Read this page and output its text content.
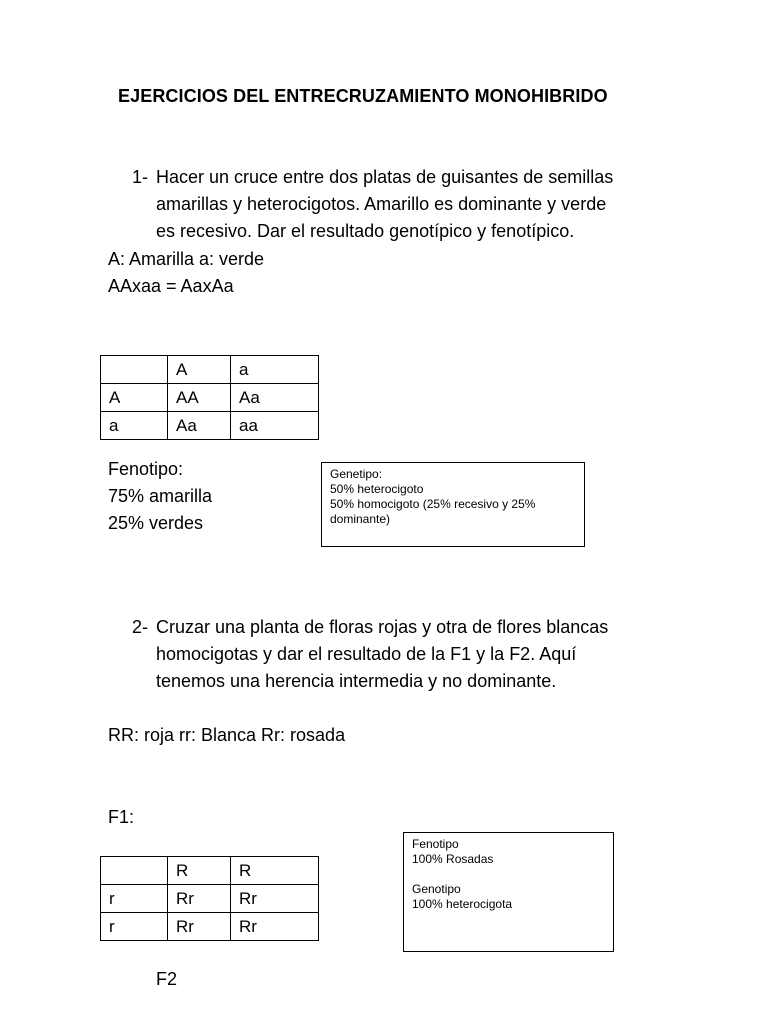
EJERCICIOS DEL ENTRECRUZAMIENTO MONOHIBRIDO
1- Hacer un cruce entre dos platas de guisantes de semillas
amarillas y heterocigotos. Amarillo es dominante y verde
es recesivo. Dar el resultado genotípico y fenotípico.
A: Amarilla a: verde
AAxaa = AaxAa
	A	a
A	AA	Aa
a	Aa	aa
Fenotipo:
75% amarilla
25% verdes
Genetipo:
50% heterocigoto
50% homocigoto (25% recesivo y 25%
dominante)
2- Cruzar una planta de floras rojas y otra de flores blancas
homocigotas y dar el resultado de la F1 y la F2. Aquí
tenemos una herencia intermedia y no dominante.
RR: roja rr: Blanca Rr: rosada
F1:
	R	R
r	Rr	Rr
r	Rr	Rr
Fenotipo
100% Rosadas
Genotipo
100% heterocigota
F2
